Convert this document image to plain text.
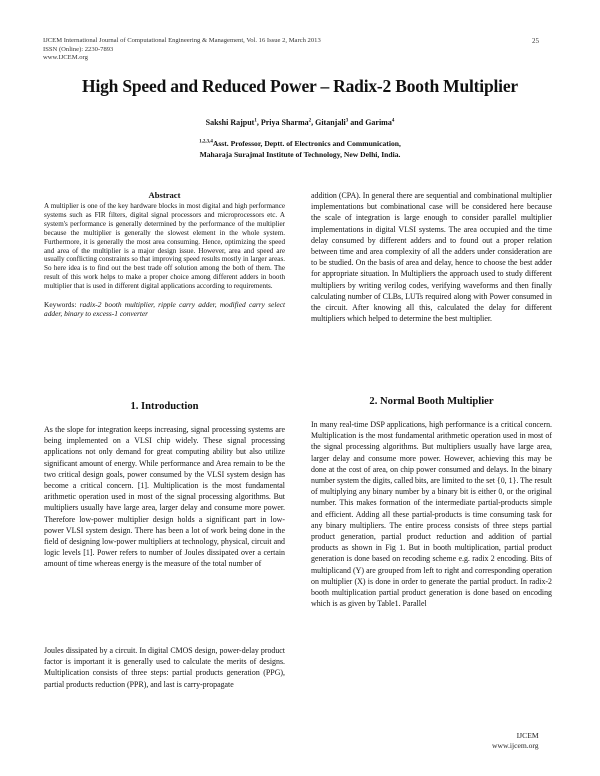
IJCEM International Journal of Computational Engineering & Management, Vol. 16 Issue 2, March 2013
ISSN (Online): 2230-7893
www.IJCEM.org
25
High Speed and Reduced Power – Radix-2 Booth Multiplier
Sakshi Rajput$^1$, Priya Sharma$^2$, Gitanjali$^3$ and Garima$^4$
$^{1,2,3,4}$Asst. Professor, Deptt. of Electronics and Communication,
Maharaja Surajmal Institute of Technology, New Delhi, India.

Abstract

A multiplier is one of the key hardware blocks in most digital and high performance systems such as FIR filters, digital signal processors and microprocessors etc. A system's performance is generally determined by the performance of the multiplier because the multiplier is generally the slowest element in the whole system. Furthermore, it is generally the most area consuming. Hence, optimizing the speed and area of the multiplier is a major design issue. However, area and speed are usually conflicting constraints so that improving speed results mostly in larger areas. So here idea is to find out the best trade off solution among the both of them. The result of this work helps to make a proper choice among different adders in booth multiplier that is used in different digital applications according to requirements.

Keywords: radix-2 booth multiplier, ripple carry adder, modified carry select adder, binary to excess-1 converter

1. Introduction

As the slope for integration keeps increasing, signal processing systems are being implemented on a VLSI chip widely. These signal processing applications not only demand for great computing ability but also utilize significant amount of energy. While performance and Area remain to be the two critical design goals, power consumed by the VLSI system design has become a critical concern. [1]. Multiplication is the most fundamental arithmetic operation used in most of the signal processing algorithms. But multipliers usually have large area, larger delay and consume more power. Therefore low-power multiplier design holds a significant part in low- power VLSI system design. There has been a lot of work being done in the field of designing low-power multipliers at technology, physical, circuit and logic levels [1]. Power refers to number of Joules dissipated over a certain amount of time whereas energy is the measure of the total number of

Joules dissipated by a circuit. In digital CMOS design, power-delay product factor is important it is generally used to calculate the merits of designs. Multiplication consists of three steps: partial products generation (PPG), partial products reduction (PPR), and last is carry-propagate

addition (CPA). In general there are sequential and combinational multiplier implementations but combinational case will be considered here because the scale of integration is large enough to consider parallel multiplier implementations in digital VLSI systems. The area occupied and the time delay consumed by different adders and to found out a proper relation between time and area complexity of all the adders under consideration are to be studied. On the basis of area and delay, hence to choose the best adder for appropriate situation. In Multipliers the approach used to study different multipliers by writing verilog codes, verifying waveforms and then finally calculating number of CLBs, LUTs required along with Power consumed in the circuit. After knowing all this, calculated the delay for different multipliers which helped to determine the best multiplier.

2. Normal Booth Multiplier

In many real-time DSP applications, high performance is a critical concern. Multiplication is the most fundamental arithmetic operation used in most of the signal processing algorithms. But multipliers usually have large area, larger delay and consume more power. However, achieving this may be done at the cost of area, on chip power consumed and delays. In the binary number system the digits, called bits, are limited to the set {0, 1}. The result of multiplying any binary number by a binary bit is either 0, or the original number. This makes formation of the intermediate partial-products simple and efficient. Adding all these partial-products is time consuming task for any binary multipliers. The entire process consists of three steps partial product generation, partial product reduction and addition of partial products as shown in Fig 1. But in booth multiplication, partial product generation is done based on recoding scheme e.g. radix 2 encoding. Bits of multiplicand (Y) are grouped from left to right and corresponding operation on multiplier (X) is done in order to generate the partial product. In radix-2 booth multiplication partial product generation is done based on encoding which is as given by Table1. Parallel

IJCEM
www.ijcem.org
